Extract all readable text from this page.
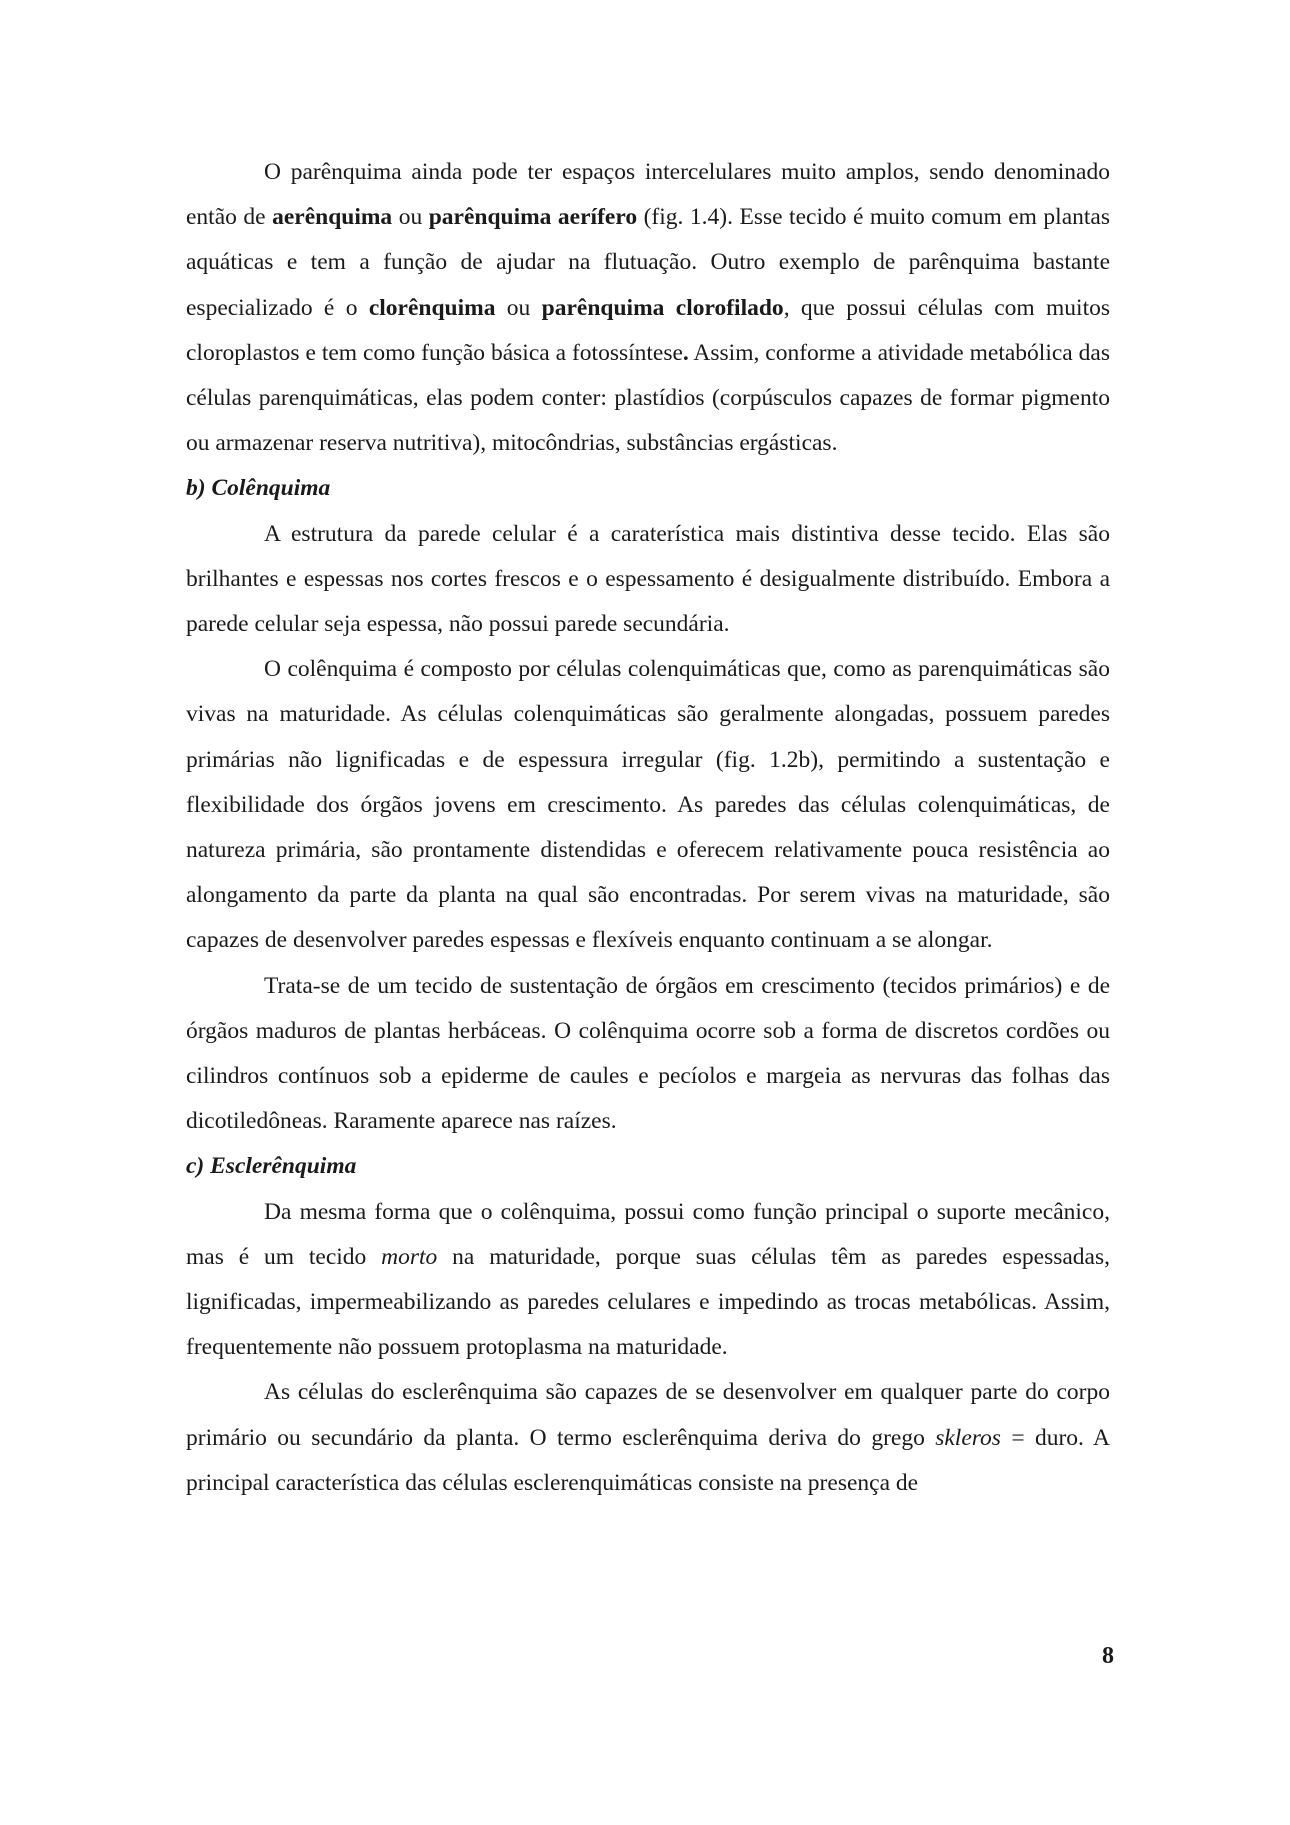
O parênquima ainda pode ter espaços intercelulares muito amplos, sendo denominado então de aerênquima ou parênquima aerífero (fig. 1.4). Esse tecido é muito comum em plantas aquáticas e tem a função de ajudar na flutuação. Outro exemplo de parênquima bastante especializado é o clorênquima ou parênquima clorofilado, que possui células com muitos cloroplastos e tem como função básica a fotossíntese. Assim, conforme a atividade metabólica das células parenquimáticas, elas podem conter: plastídios (corpúsculos capazes de formar pigmento ou armazenar reserva nutritiva), mitocôndrias, substâncias ergásticas.

b) Colênquima

A estrutura da parede celular é a caraterística mais distintiva desse tecido. Elas são brilhantes e espessas nos cortes frescos e o espessamento é desigualmente distribuído. Embora a parede celular seja espessa, não possui parede secundária.

O colênquima é composto por células colenquimáticas que, como as parenquimáticas são vivas na maturidade. As células colenquimáticas são geralmente alongadas, possuem paredes primárias não lignificadas e de espessura irregular (fig. 1.2b), permitindo a sustentação e flexibilidade dos órgãos jovens em crescimento. As paredes das células colenquimáticas, de natureza primária, são prontamente distendidas e oferecem relativamente pouca resistência ao alongamento da parte da planta na qual são encontradas. Por serem vivas na maturidade, são capazes de desenvolver paredes espessas e flexíveis enquanto continuam a se alongar.

Trata-se de um tecido de sustentação de órgãos em crescimento (tecidos primários) e de órgãos maduros de plantas herbáceas. O colênquima ocorre sob a forma de discretos cordões ou cilindros contínuos sob a epiderme de caules e pecíolos e margeia as nervuras das folhas das dicotiledôneas. Raramente aparece nas raízes.

c) Esclerênquima

Da mesma forma que o colênquima, possui como função principal o suporte mecânico, mas é um tecido morto na maturidade, porque suas células têm as paredes espessadas, lignificadas, impermeabilizando as paredes celulares e impedindo as trocas metabólicas. Assim, frequentemente não possuem protoplasma na maturidade.

As células do esclerênquima são capazes de se desenvolver em qualquer parte do corpo primário ou secundário da planta. O termo esclerênquima deriva do grego skleros = duro. A principal característica das células esclerenquimáticas consiste na presença de

8
